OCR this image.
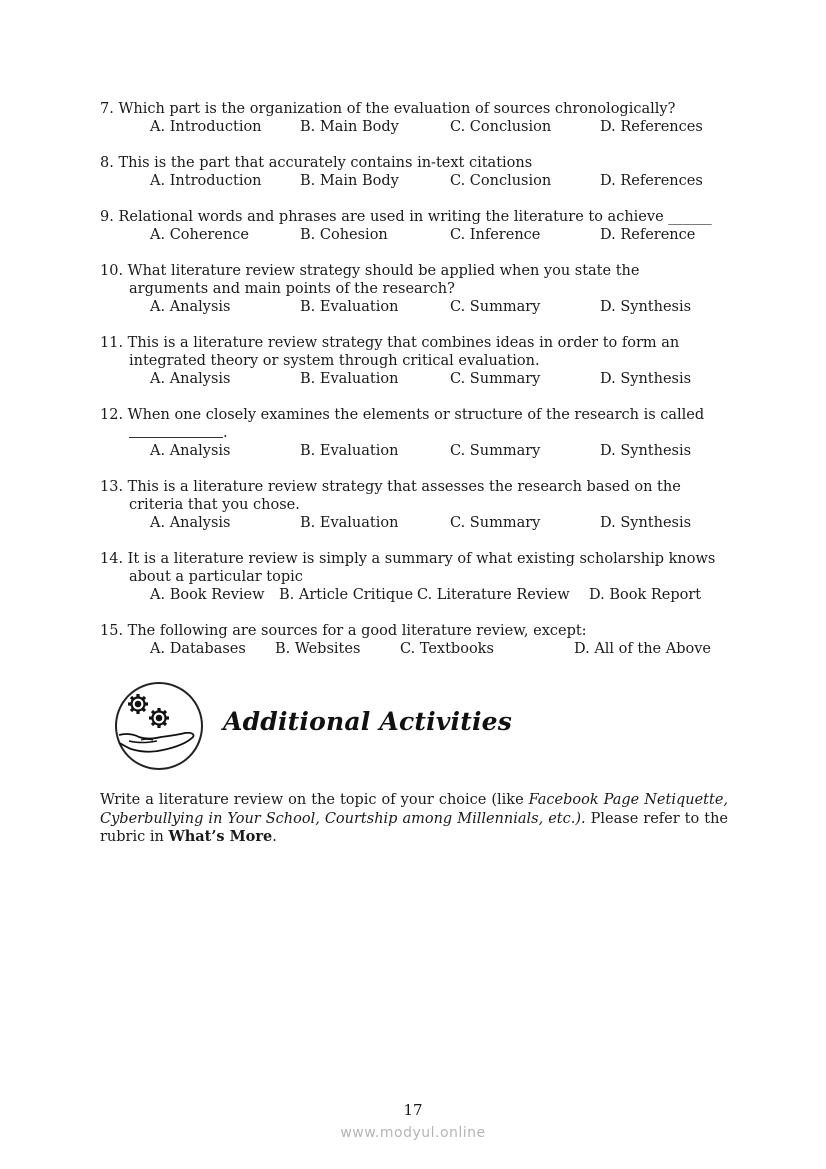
7.
Which part is the organization of the evaluation of sources chronologically?
A. Introduction	B. Main Body	C. Conclusion	D. References
8.
This is the part that accurately contains in-text citations
A. Introduction	B. Main Body	C. Conclusion	D. References
9.
Relational words and phrases are used in writing the literature to achieve ______
A. Coherence	B. Cohesion	C. Inference	D. Reference
10. What literature review strategy should be applied when you state the
arguments and main points of the research?
A. Analysis	B. Evaluation	C. Summary	D. Synthesis
11. This is a literature review strategy that combines ideas in order to form an
integrated theory or system through critical evaluation.
A. Analysis	B. Evaluation	C. Summary	D. Synthesis
12. When one closely examines the elements or structure of the research is called
.
A. Analysis	B. Evaluation	C. Summary	D. Synthesis
13. This is a literature review strategy that assesses the research based on the
criteria that you chose.
A. Analysis	B. Evaluation	C. Summary	D. Synthesis
14. It is a literature review is simply a summary of what existing scholarship knows
about a particular topic
A. Book Review B. Article Critique C. Literature Review D. Book Report
15. The following are sources for a good literature review, except:
A. Databases B. Websites	C. Textbooks	D. All of the Above
Additional Activities
Write a literature review on the topic of your choice (like Facebook Page Netiquette, Cyberbullying in Your School, Courtship among Millennials, etc.). Please refer to the rubric in What’s More.
17
www.modyul.online
